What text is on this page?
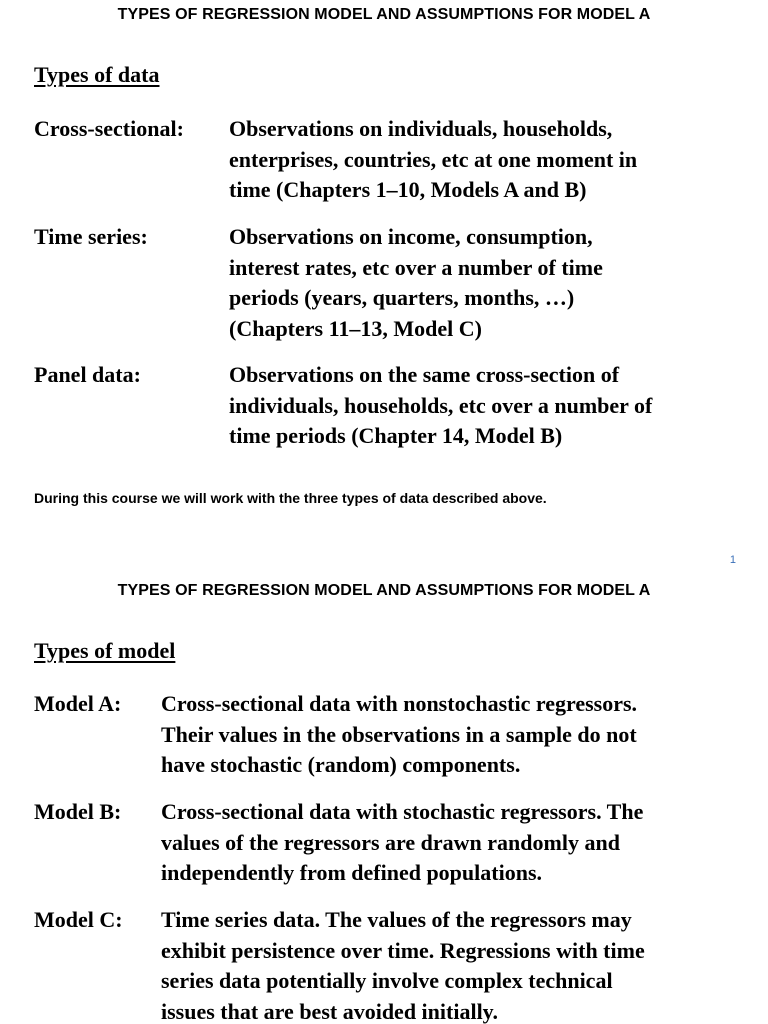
TYPES OF REGRESSION MODEL AND ASSUMPTIONS FOR MODEL A
Types of data
Cross-sectional: Observations on individuals, households,
enterprises, countries, etc at one moment in
time (Chapters 1–10, Models A and B)
Time series:	Observations on income, consumption,
interest rates, etc over a number of time
periods (years, quarters, months, …)
(Chapters 11–13, Model C)
Panel data:	Observations on the same cross-section of
individuals, households, etc over a number of
time periods (Chapter 14, Model B)
During this course we will work with the three types of data described above.
1
TYPES OF REGRESSION MODEL AND ASSUMPTIONS FOR MODEL A
Types of model
Model A: Cross-sectional data with nonstochastic regressors.
Their values in the observations in a sample do not
have stochastic (random) components.
Model B: Cross-sectional data with stochastic regressors. The
values of the regressors are drawn randomly and
independently from defined populations.
Model C: Time series data. The values of the regressors may
exhibit persistence over time. Regressions with time
series data potentially involve complex technical
issues that are best avoided initially.
